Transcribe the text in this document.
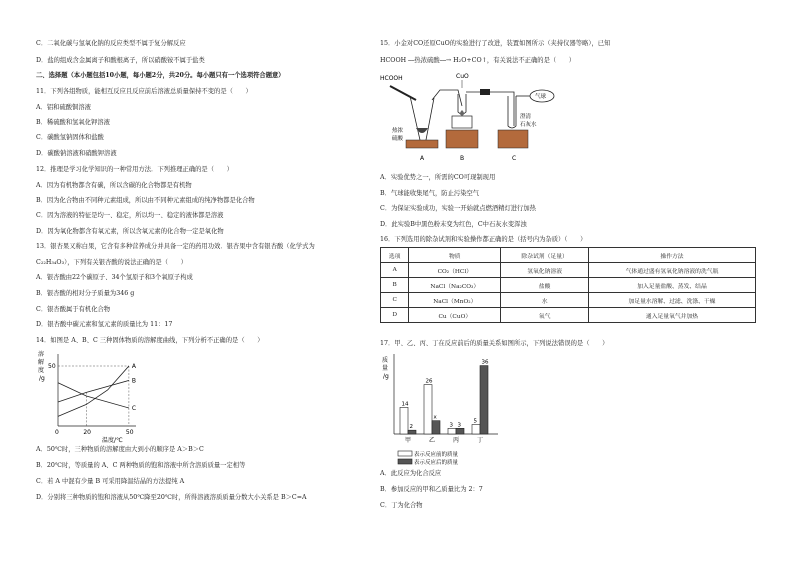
C．二氧化碳与氢氧化钠的反应类型不属于复分解反应
D．盐的组成含金属离子和酸根离子，所以硝酸铵不属于盐类
二、选择题（本小题包括10小题，每小题2分，共20分。每小题只有一个选项符合题意）
11．下列各组物质，能相互反应且反应前后溶液总质量保持不变的是（　　）
A．铝和硫酸铜溶液
B．稀硫酸和氢氧化钾溶液
C．碳酸氢钠固体和盐酸
D．碳酸钠溶液和硝酸钾溶液
12．推理是学习化学知识的一种常用方法．下列推理正确的是（　　）
A．因为有机物都含有碳，所以含碳的化合物都是有机物
B．因为化合物由不同种元素组成，所以由不同种元素组成的纯净物都是化合物
C．因为溶液的特征是均一、稳定，所以均一、稳定的液体都是溶液
D．因为氧化物都含有氧元素，所以含氧元素的化合物一定是氧化物
13．银杏果又称白果，它含有多种营养成分并具备一定的药用功效．银杏果中含有银杏酸（化学式为
C₂₂H₃₄O₃），下列有关银杏酸的说法正确的是（　　）
A．银杏酸由22个碳原子、34个氢原子和3个氧原子构成
B．银杏酸的相对分子质量为346 g
C．银杏酸属于有机化合物
D．银杏酸中碳元素和氢元素的质量比为 11：17
14．如图是 A、B、C 三种固体物质的溶解度曲线，下列分析不正确的是（　　）
溶
解
度
/g
50	A
B
C
0	20	50
温度/℃
A．50℃时，三种物质的溶解度由大到小的顺序是 A＞B＞C
B．20℃时，等质量的 A、C 两种物质的饱和溶液中所含溶质质量一定相等
C．若 A 中混有少量 B 可采用降温结晶的方法提纯 A
D．分别将三种物质的饱和溶液从50℃降至20℃时，所得溶液溶质质量分数大小关系是 B＞C=A
15．小金对CO还原CuO的实验进行了改进，装置如图所示（夹持仪器等略），已知
HCOOH ⎯⎯热浓硫酸⎯⎯→ H₂O+CO↑，有关说法不正确的是（　　）
HCOOH	CuO
气球
热浓
硫酸
澄清
石灰水
A	B	C
A．实验优势之一，所需的CO可现制现用
B．气球能收集尾气，防止污染空气
C．为保证实验成功，实验一开始就点燃酒精灯进行加热
D．此实验B中黑色粉末变为红色，C中石灰水变浑浊
16．下列选用的除杂试剂和实验操作都正确的是（括号内为杂质）（　　）
选项	物质	除杂试剂（足量）	操作方法
A	CO₂（HCl）	氢氧化钠溶液	气体通过盛有氢氧化钠溶液的洗气瓶
B	NaCl（Na₂CO₃）	盐酸	加入足量盐酸、蒸发、结晶
C	NaCl（MnO₂）	水	加足量水溶解、过滤、洗涤、干燥
D	Cu（CuO）	氧气	通入足量氧气并加热
17．甲、乙、丙、丁在反应前后的质量关系如图所示，下列说法错误的是（　　）
质
量
/g
14
2
甲
26
x
乙
3 3
丙
5
36
丁
表示反应前的质量
表示反应后的质量
A．此反应为化合反应
B．参加反应的甲和乙质量比为 2：7
C．丁为化合物
